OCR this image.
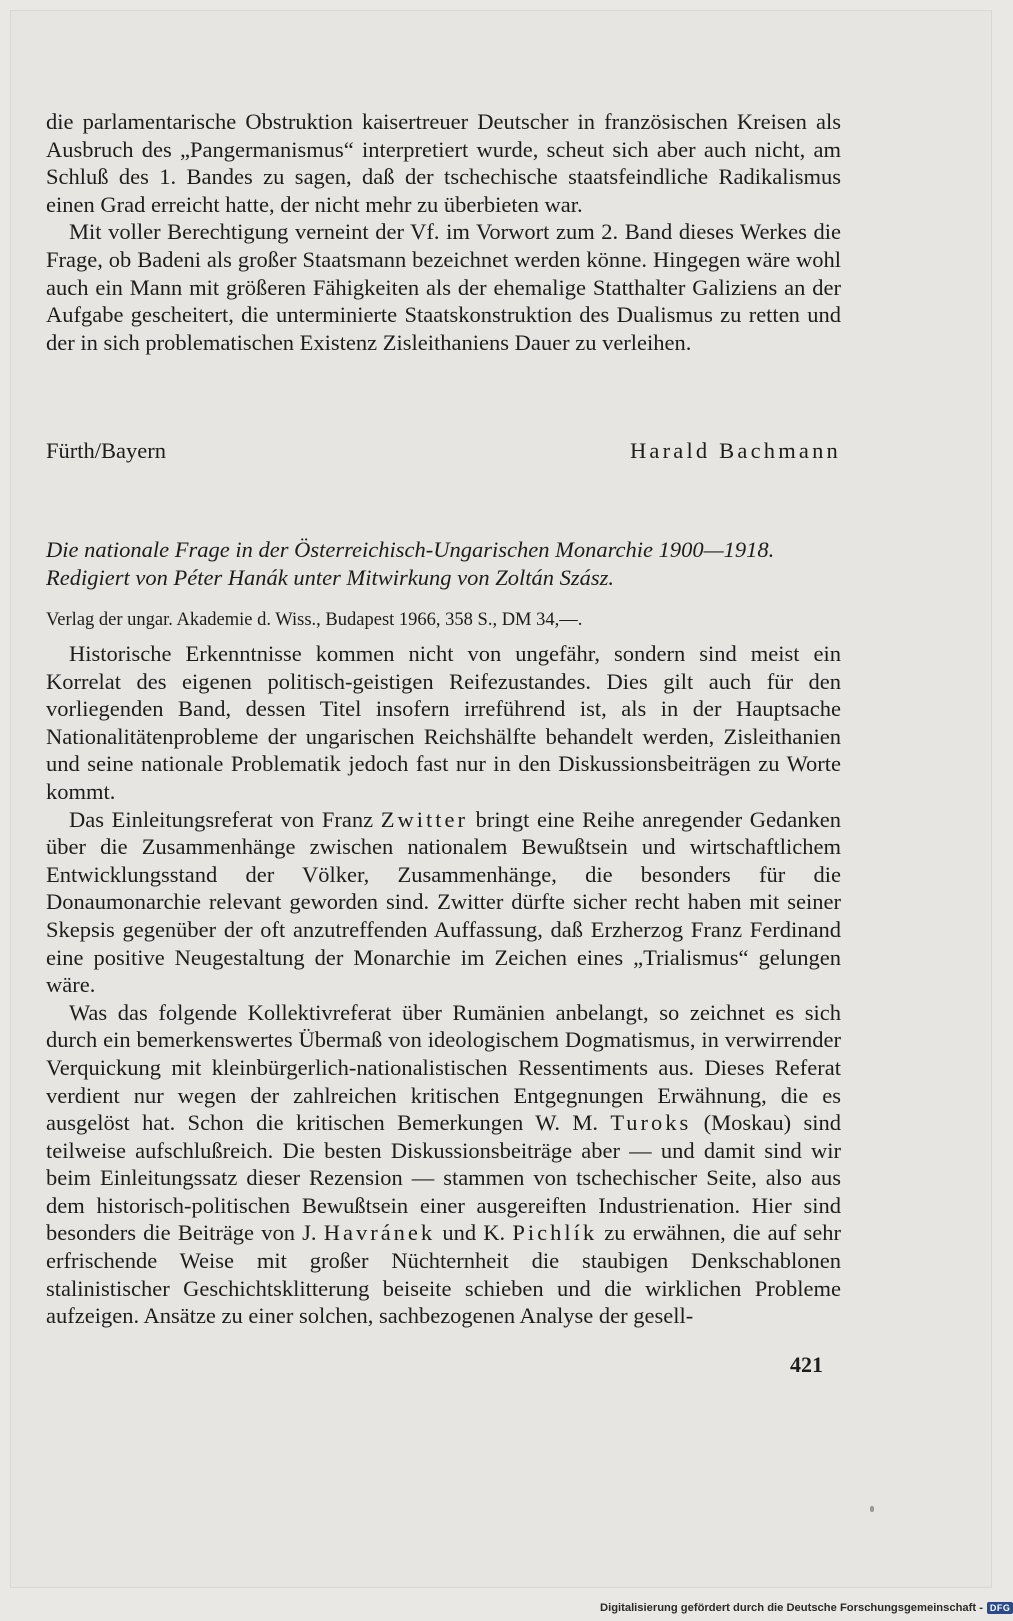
die parlamentarische Obstruktion kaisertreuer Deutscher in französischen Kreisen als Ausbruch des „Pangermanismus“ interpretiert wurde, scheut sich aber auch nicht, am Schluß des 1. Bandes zu sagen, daß der tschechische staatsfeindliche Radikalismus einen Grad erreicht hatte, der nicht mehr zu überbieten war.

Mit voller Berechtigung verneint der Vf. im Vorwort zum 2. Band dieses Werkes die Frage, ob Badeni als großer Staatsmann bezeichnet werden könne. Hingegen wäre wohl auch ein Mann mit größeren Fähigkeiten als der ehemalige Statthalter Galiziens an der Aufgabe gescheitert, die unterminierte Staatskonstruktion des Dualismus zu retten und der in sich problematischen Existenz Zisleithaniens Dauer zu verleihen.

Fürth/Bayern	Harald Bachmann
Die nationale Frage in der Österreichisch-Ungarischen Monarchie 1900—1918.
Redigiert von Péter Hanák unter Mitwirkung von Zoltán Szász.
Verlag der ungar. Akademie d. Wiss., Budapest 1966, 358 S., DM 34,—.

Historische Erkenntnisse kommen nicht von ungefähr, sondern sind meist ein Korrelat des eigenen politisch-geistigen Reifezustandes. Dies gilt auch für den vorliegenden Band, dessen Titel insofern irreführend ist, als in der Hauptsache Nationalitätenprobleme der ungarischen Reichshälfte behandelt werden, Zisleithanien und seine nationale Problematik jedoch fast nur in den Diskussionsbeiträgen zu Worte kommt.

Das Einleitungsreferat von Franz Zwitter bringt eine Reihe anregender Gedanken über die Zusammenhänge zwischen nationalem Bewußtsein und wirtschaftlichem Entwicklungsstand der Völker, Zusammenhänge, die besonders für die Donaumonarchie relevant geworden sind. Zwitter dürfte sicher recht haben mit seiner Skepsis gegenüber der oft anzutreffenden Auffassung, daß Erzherzog Franz Ferdinand eine positive Neugestaltung der Monarchie im Zeichen eines „Trialismus“ gelungen wäre.

Was das folgende Kollektivreferat über Rumänien anbelangt, so zeichnet es sich durch ein bemerkenswertes Übermaß von ideologischem Dogmatismus, in verwirrender Verquickung mit kleinbürgerlich-nationalistischen Ressentiments aus. Dieses Referat verdient nur wegen der zahlreichen kritischen Entgegnungen Erwähnung, die es ausgelöst hat. Schon die kritischen Bemerkungen W. M. Turoks (Moskau) sind teilweise aufschlußreich. Die besten Diskussionsbeiträge aber — und damit sind wir beim Einleitungssatz dieser Rezension — stammen von tschechischer Seite, also aus dem historisch-politischen Bewußtsein einer ausgereiften Industrienation. Hier sind besonders die Beiträge von J. Havránek und K. Pichlík zu erwähnen, die auf sehr erfrischende Weise mit großer Nüchternheit die staubigen Denkschablonen stalinistischer Geschichtsklitterung beiseite schieben und die wirklichen Probleme aufzeigen. Ansätze zu einer solchen, sachbezogenen Analyse der gesell-

421
Digitalisierung gefördert durch die Deutsche Forschungsgemeinschaft - DFG
